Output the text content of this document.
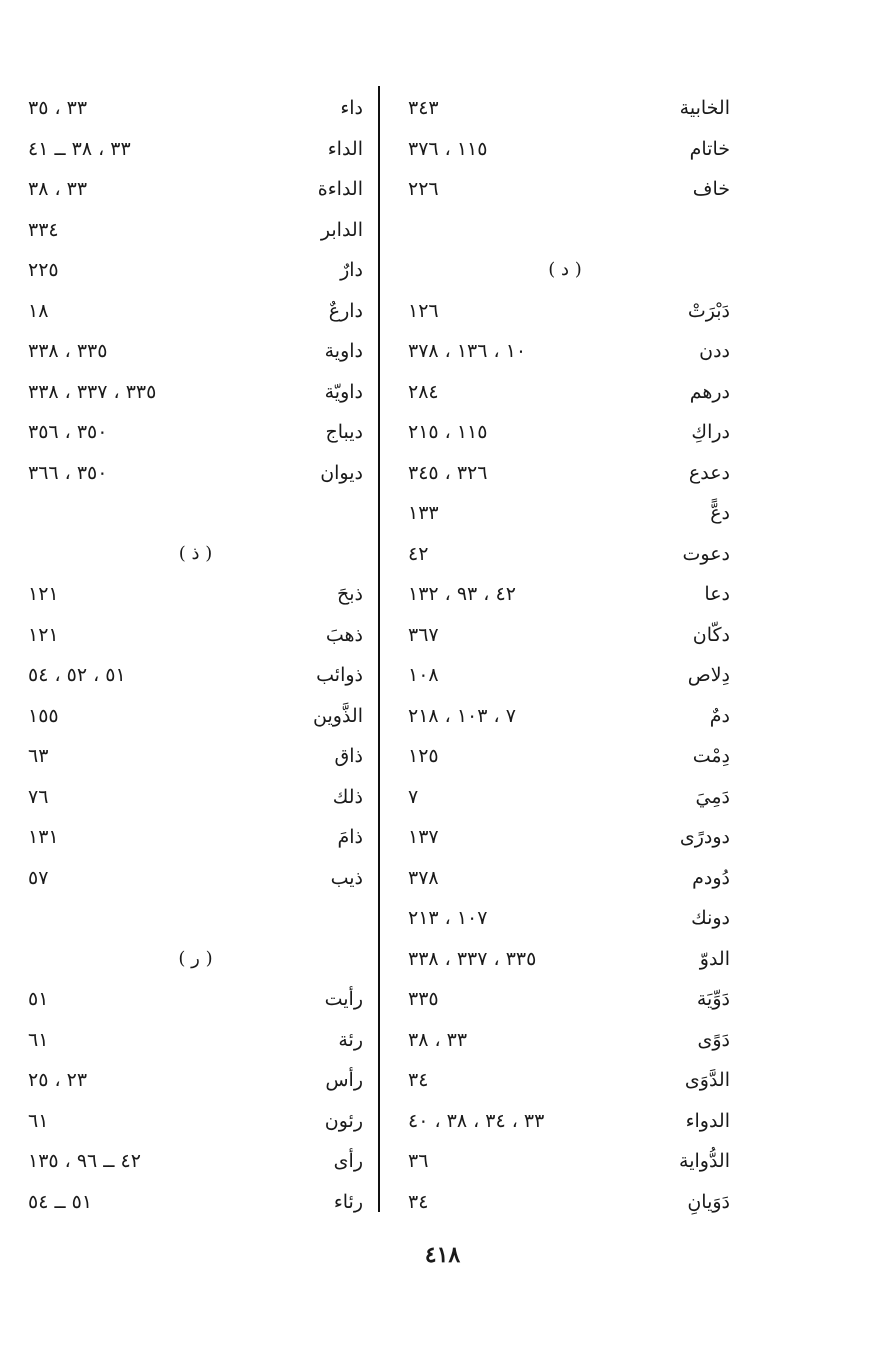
الخابية
٣٤٣
خاتام
١١٥ ، ٣٧٦
خاف
٢٢٦
( د )
دَبْرَتْ
١٢٦
ددن
١٠ ، ١٣٦ ، ٣٧٨
درهم
٢٨٤
دراكِ
١١٥ ، ٢١٥
دعدع
٣٢٦ ، ٣٤٥
دعًّ
١٣٣
دعوت
٤٢
دعا
٤٢ ، ٩٣ ، ١٣٢
دكّان
٣٦٧
دِلاص
١٠٨
دمٌ
٧ ، ١٠٣ ، ٢١٨
دِمْت
١٢٥
دَمِيَ
٧
دودرًى
١٣٧
دُودم
٣٧٨
دونك
١٠٧ ، ٢١٣
الدوّ
٣٣٥ ، ٣٣٧ ، ٣٣٨
دَوِّيَة
٣٣٥
دَوًى
٣٣ ، ٣٨
الدَّوَى
٣٤
الدواء
٣٣ ، ٣٤ ، ٣٨ ، ٤٠
الدُّواية
٣٦
دَوَيانِ
٣٤
داء
٣٣ ، ٣٥
الداء
٣٣ ، ٣٨ ــ ٤١
الداءة
٣٣ ، ٣٨
الدابر
٣٣٤
دارٌ
٢٢٥
دارعٌ
١٨
داوية
٣٣٥ ، ٣٣٨
داويّة
٣٣٥ ، ٣٣٧ ، ٣٣٨
ديباج
٣٥٠ ، ٣٥٦
ديوان
٣٥٠ ، ٣٦٦
( ذ )
ذبحَ
١٢١
ذهبَ
١٢١
ذوائب
٥١ ، ٥٢ ، ٥٤
الذَّوين
١٥٥
ذاق
٦٣
ذلك
٧٦
ذامَ
١٣١
ذيب
٥٧
( ر )
رأيت
٥١
رئة
٦١
رأس
٢٣ ، ٢٥
رئون
٦١
رأى
٤٢ ــ ٩٦ ، ١٣٥
رئاء
٥١ ــ ٥٤
٤١٨
